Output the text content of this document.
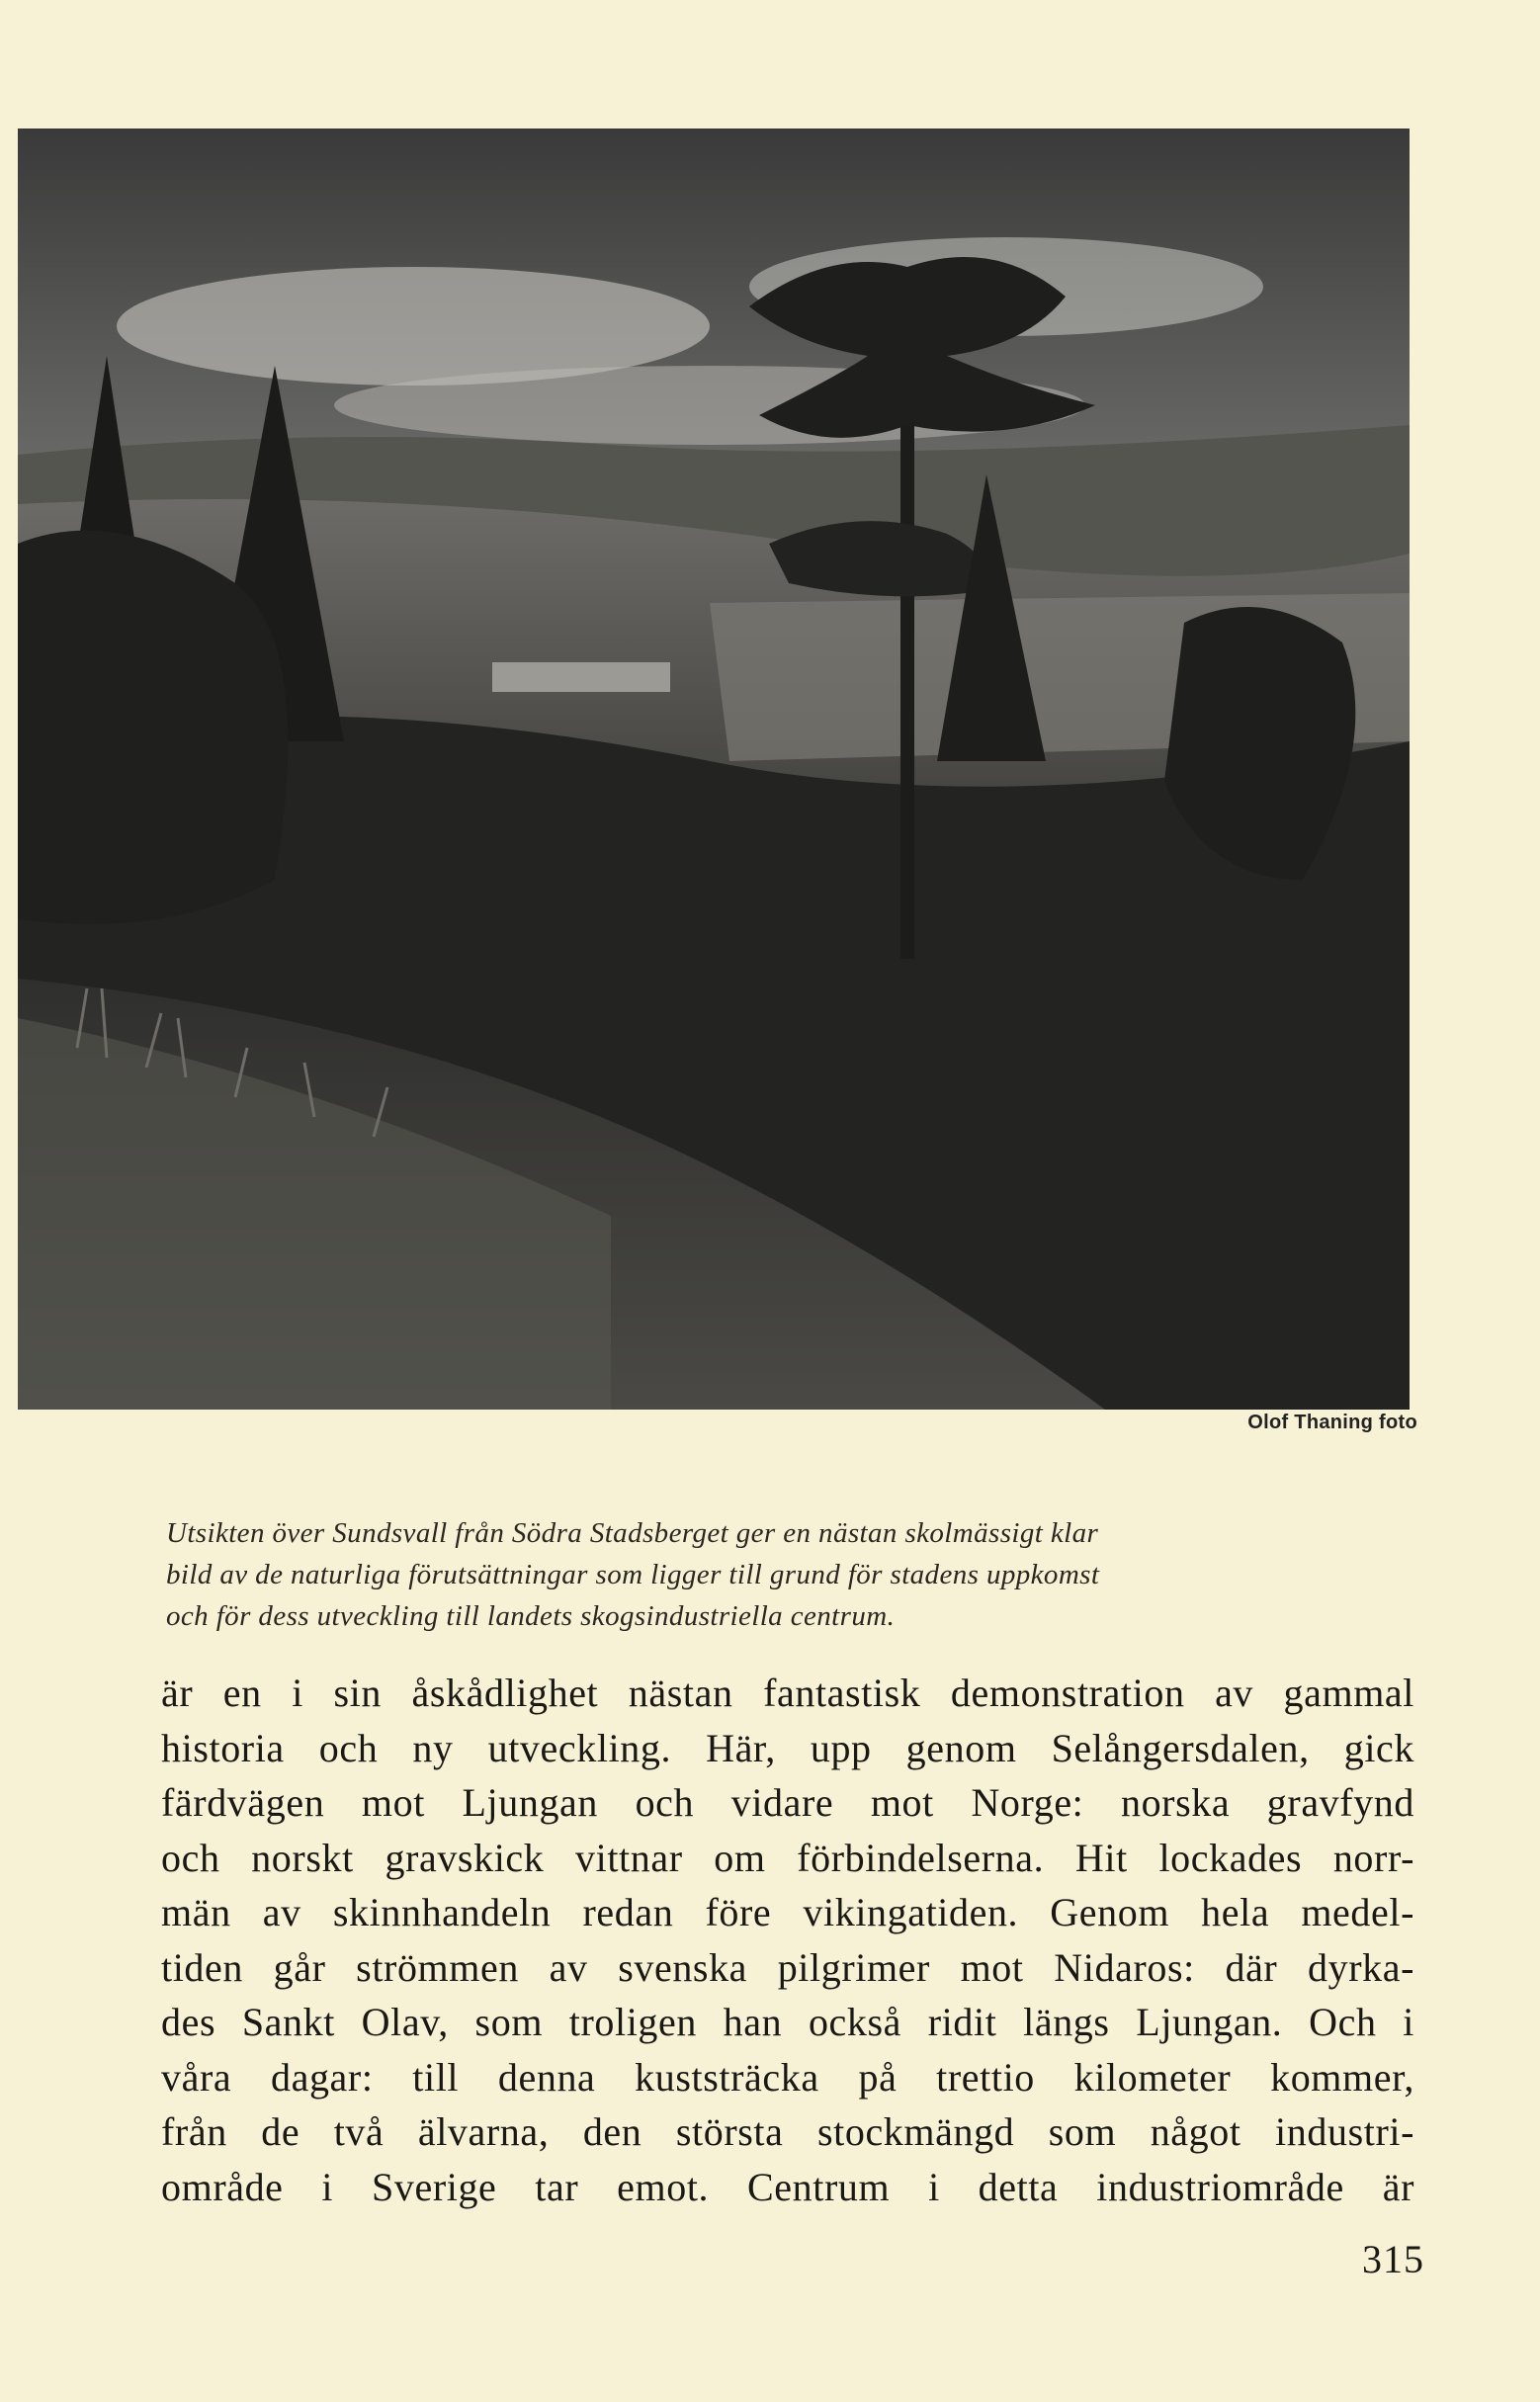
Olof Thaning foto
Utsikten över Sundsvall från Södra Stadsberget ger en nästan skolmässigt klar
bild av de naturliga förutsättningar som ligger till grund för stadens uppkomst
och för dess utveckling till landets skogsindustriella centrum.
är en i sin åskådlighet nästan fantastisk demonstration av gammal
historia och ny utveckling. Här, upp genom Selångersdalen, gick
färdvägen mot Ljungan och vidare mot Norge: norska gravfynd
och norskt gravskick vittnar om förbindelserna. Hit lockades norr-
män av skinnhandeln redan före vikingatiden. Genom hela medel-
tiden går strömmen av svenska pilgrimer mot Nidaros: där dyrka-
des Sankt Olav, som troligen han också ridit längs Ljungan. Och i
våra dagar: till denna kuststräcka på trettio kilometer kommer,
från de två älvarna, den största stockmängd som något industri-
område i Sverige tar emot. Centrum i detta industriområde är
315
